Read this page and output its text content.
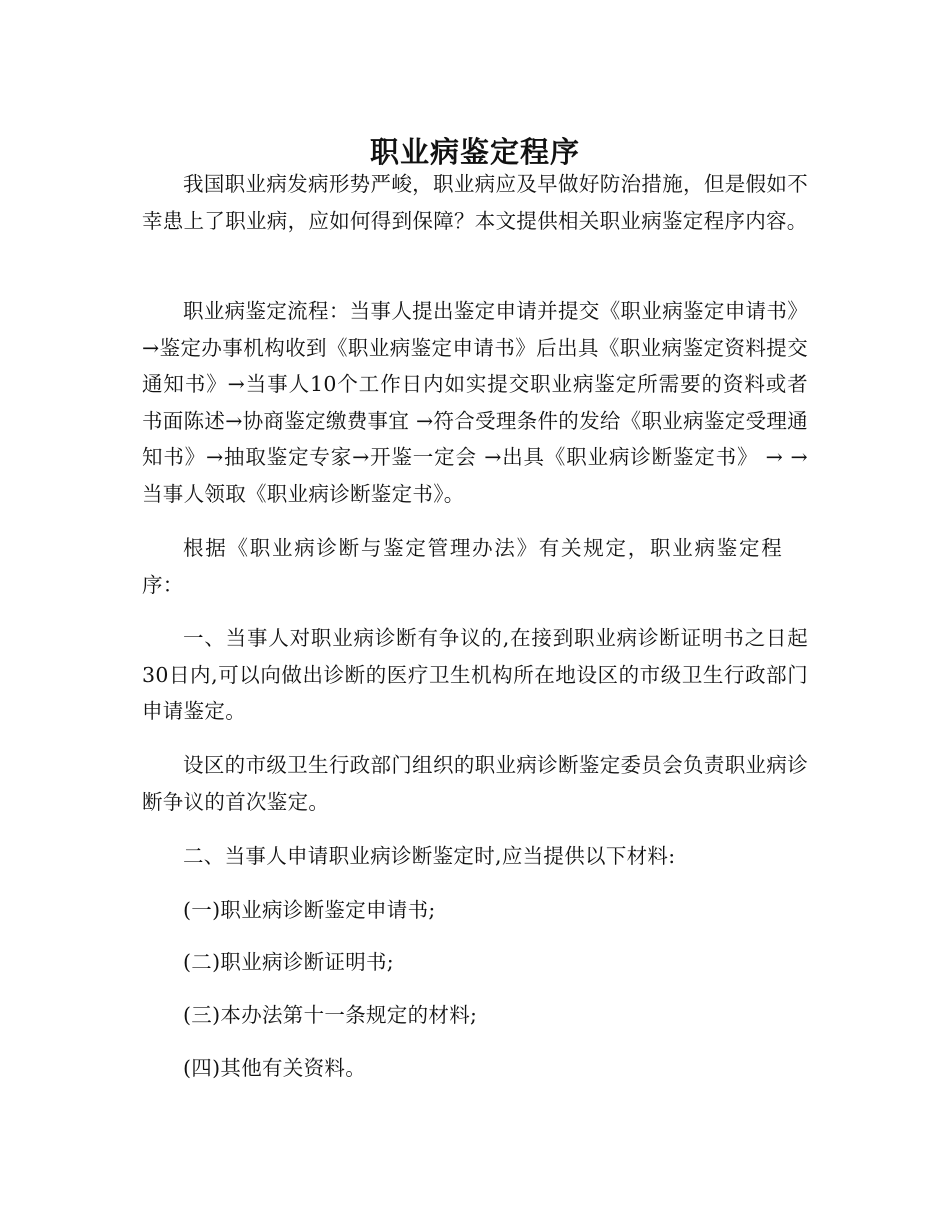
职业病鉴定程序

我国职业病发病形势严峻，职业病应及早做好防治措施，但是假如不幸患上了职业病，应如何得到保障？本文提供相关职业病鉴定程序内容。

职业病鉴定流程：当事人提出鉴定申请并提交《职业病鉴定申请书》→鉴定办事机构收到《职业病鉴定申请书》后出具《职业病鉴定资料提交通知书》→当事人10个工作日内如实提交职业病鉴定所需要的资料或者书面陈述→协商鉴定缴费事宜 →符合受理条件的发给《职业病鉴定受理通知书》→抽取鉴定专家→开鉴一定会 →出具《职业病诊断鉴定书》 → →当事人领取《职业病诊断鉴定书》。

根据《职业病诊断与鉴定管理办法》有关规定，职业病鉴定程序：

一、当事人对职业病诊断有争议的,在接到职业病诊断证明书之日起30日内,可以向做出诊断的医疗卫生机构所在地设区的市级卫生行政部门申请鉴定。

设区的市级卫生行政部门组织的职业病诊断鉴定委员会负责职业病诊断争议的首次鉴定。

二、当事人申请职业病诊断鉴定时,应当提供以下材料:

(一)职业病诊断鉴定申请书;

(二)职业病诊断证明书;

(三)本办法第十一条规定的材料;

(四)其他有关资料。
